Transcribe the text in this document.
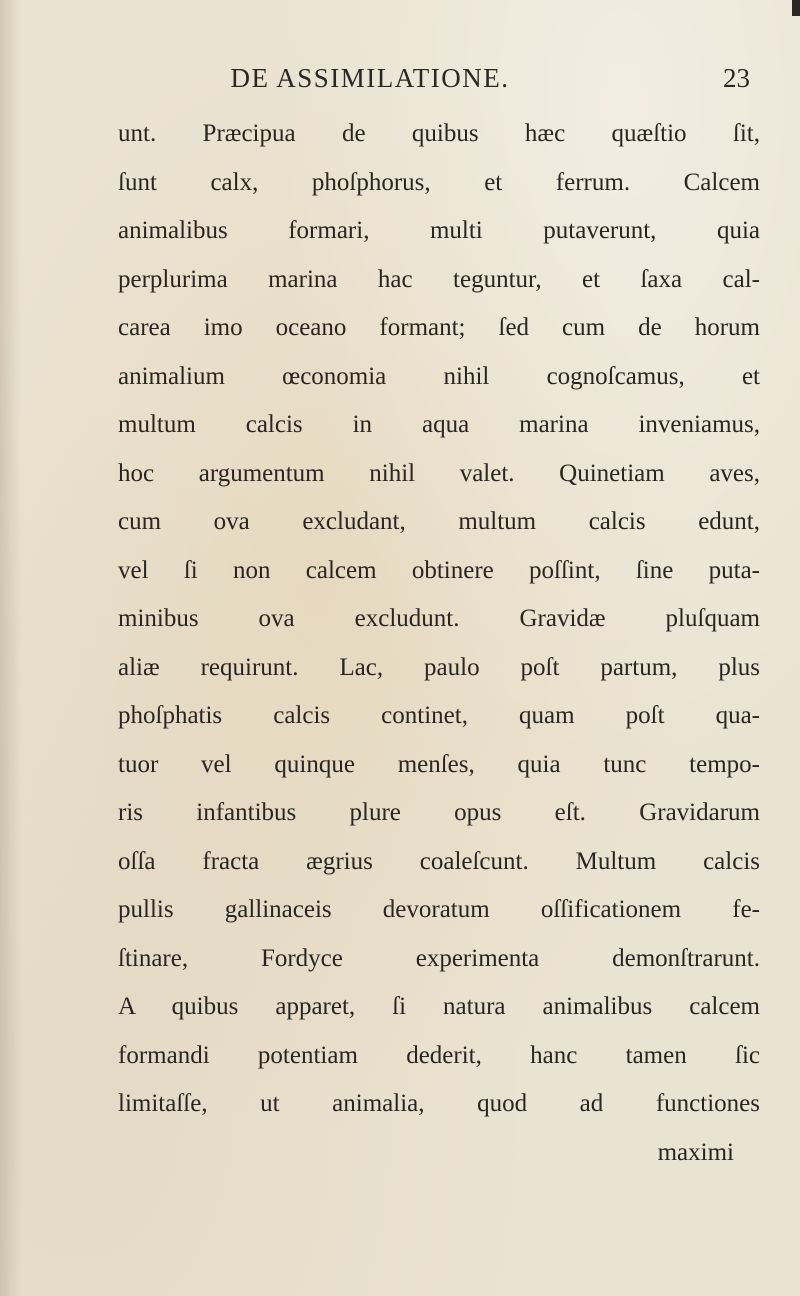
DE ASSIMILATIONE.	23
unt. Præcipua de quibus hæc quæſtio ſit,
ſunt calx, phoſphorus, et ferrum. Calcem
animalibus formari, multi putaverunt, quia
perplurima marina hac teguntur, et ſaxa cal-
carea imo oceano formant; ſed cum de horum
animalium œconomia nihil cognoſcamus, et
multum calcis in aqua marina inveniamus,
hoc argumentum nihil valet. Quinetiam aves,
cum ova excludant, multum calcis edunt,
vel ſi non calcem obtinere poſſint, ſine puta-
minibus ova excludunt. Gravidæ pluſquam
aliæ requirunt. Lac, paulo poſt partum, plus
phoſphatis calcis continet, quam poſt qua-
tuor vel quinque menſes, quia tunc tempo-
ris infantibus plure opus eſt. Gravidarum
oſſa fracta ægrius coaleſcunt. Multum calcis
pullis gallinaceis devoratum oſſificationem fe-
ſtinare, Fordyce experimenta demonſtrarunt.
A quibus apparet, ſi natura animalibus calcem
formandi potentiam dederit, hanc tamen ſic
limitaſſe, ut animalia, quod ad functiones
maximi
